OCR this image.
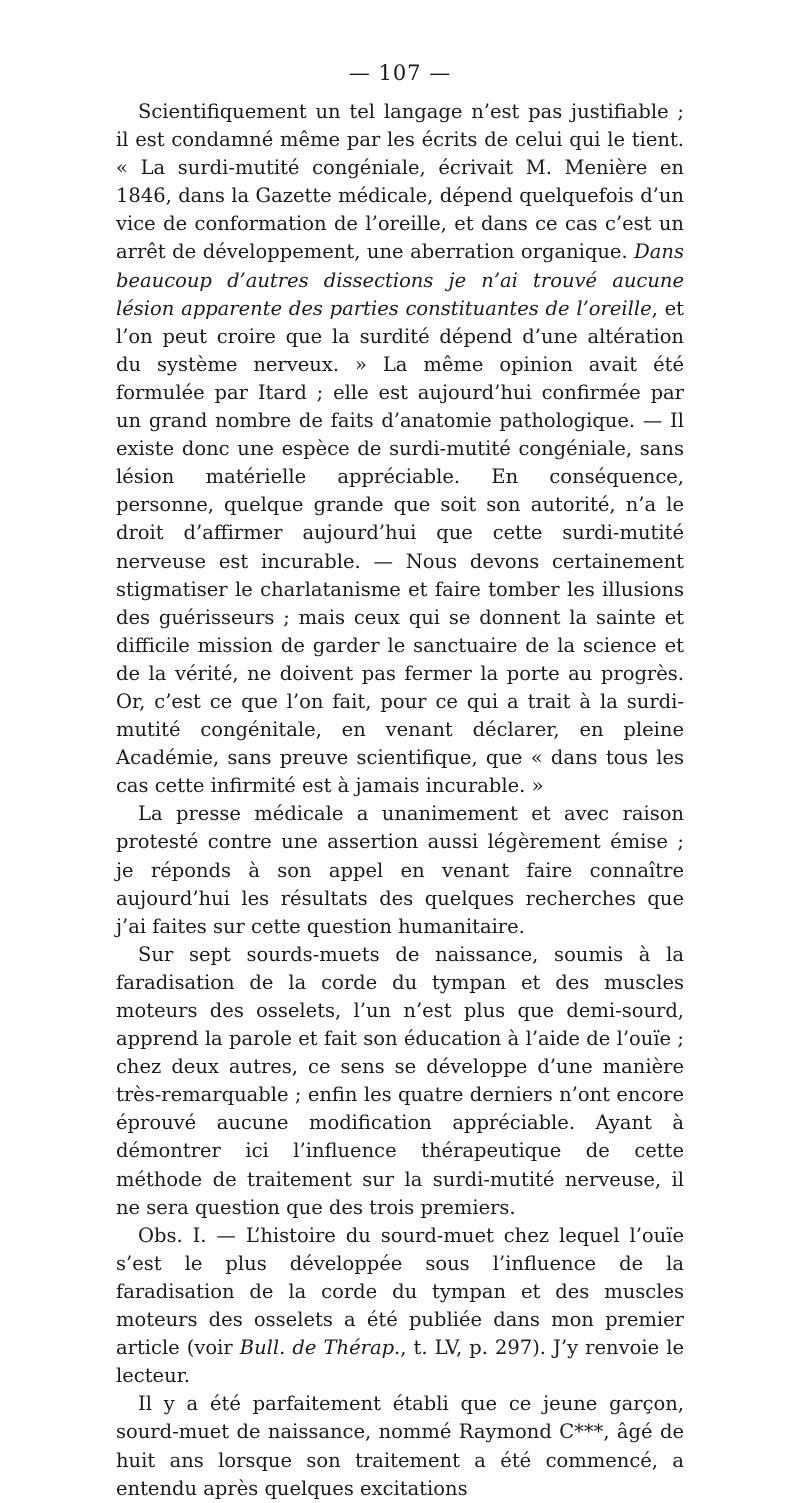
— 107 —

Scientifiquement un tel langage n’est pas justifiable ; il est condamné même par les écrits de celui qui le tient. « La surdi-mutité congéniale, écrivait M. Menière en 1846, dans la Gazette médicale, dépend quelquefois d’un vice de conformation de l’oreille, et dans ce cas c’est un arrêt de développement, une aberration organique. Dans beaucoup d’autres dissections je n’ai trouvé aucune lésion apparente des parties constituantes de l’oreille, et l’on peut croire que la surdité dépend d’une altération du système nerveux. » La même opinion avait été formulée par Itard ; elle est aujourd’hui confirmée par un grand nombre de faits d’anatomie pathologique. — Il existe donc une espèce de surdi-mutité congéniale, sans lésion matérielle appréciable. En conséquence, personne, quelque grande que soit son autorité, n’a le droit d’affirmer aujourd’hui que cette surdi-mutité nerveuse est incurable. — Nous devons certainement stigmatiser le charlatanisme et faire tomber les illusions des guérisseurs ; mais ceux qui se donnent la sainte et difficile mission de garder le sanctuaire de la science et de la vérité, ne doivent pas fermer la porte au progrès. Or, c’est ce que l’on fait, pour ce qui a trait à la surdi-mutité congénitale, en venant déclarer, en pleine Académie, sans preuve scientifique, que « dans tous les cas cette infirmité est à jamais incurable. »

La presse médicale a unanimement et avec raison protesté contre une assertion aussi légèrement émise ; je réponds à son appel en venant faire connaître aujourd’hui les résultats des quelques recherches que j’ai faites sur cette question humanitaire.

Sur sept sourds-muets de naissance, soumis à la faradisation de la corde du tympan et des muscles moteurs des osselets, l’un n’est plus que demi-sourd, apprend la parole et fait son éducation à l’aide de l’ouïe ; chez deux autres, ce sens se développe d’une manière très-remarquable ; enfin les quatre derniers n’ont encore éprouvé aucune modification appréciable. Ayant à démontrer ici l’influence thérapeutique de cette méthode de traitement sur la surdi-mutité nerveuse, il ne sera question que des trois premiers.

Obs. I. — L’histoire du sourd-muet chez lequel l’ouïe s’est le plus développée sous l’influence de la faradisation de la corde du tympan et des muscles moteurs des osselets a été publiée dans mon premier article (voir Bull. de Thérap., t. LV, p. 297). J’y renvoie le lecteur.

Il y a été parfaitement établi que ce jeune garçon, sourd-muet de naissance, nommé Raymond C***, âgé de huit ans lorsque son traitement a été commencé, a entendu après quelques excitations
